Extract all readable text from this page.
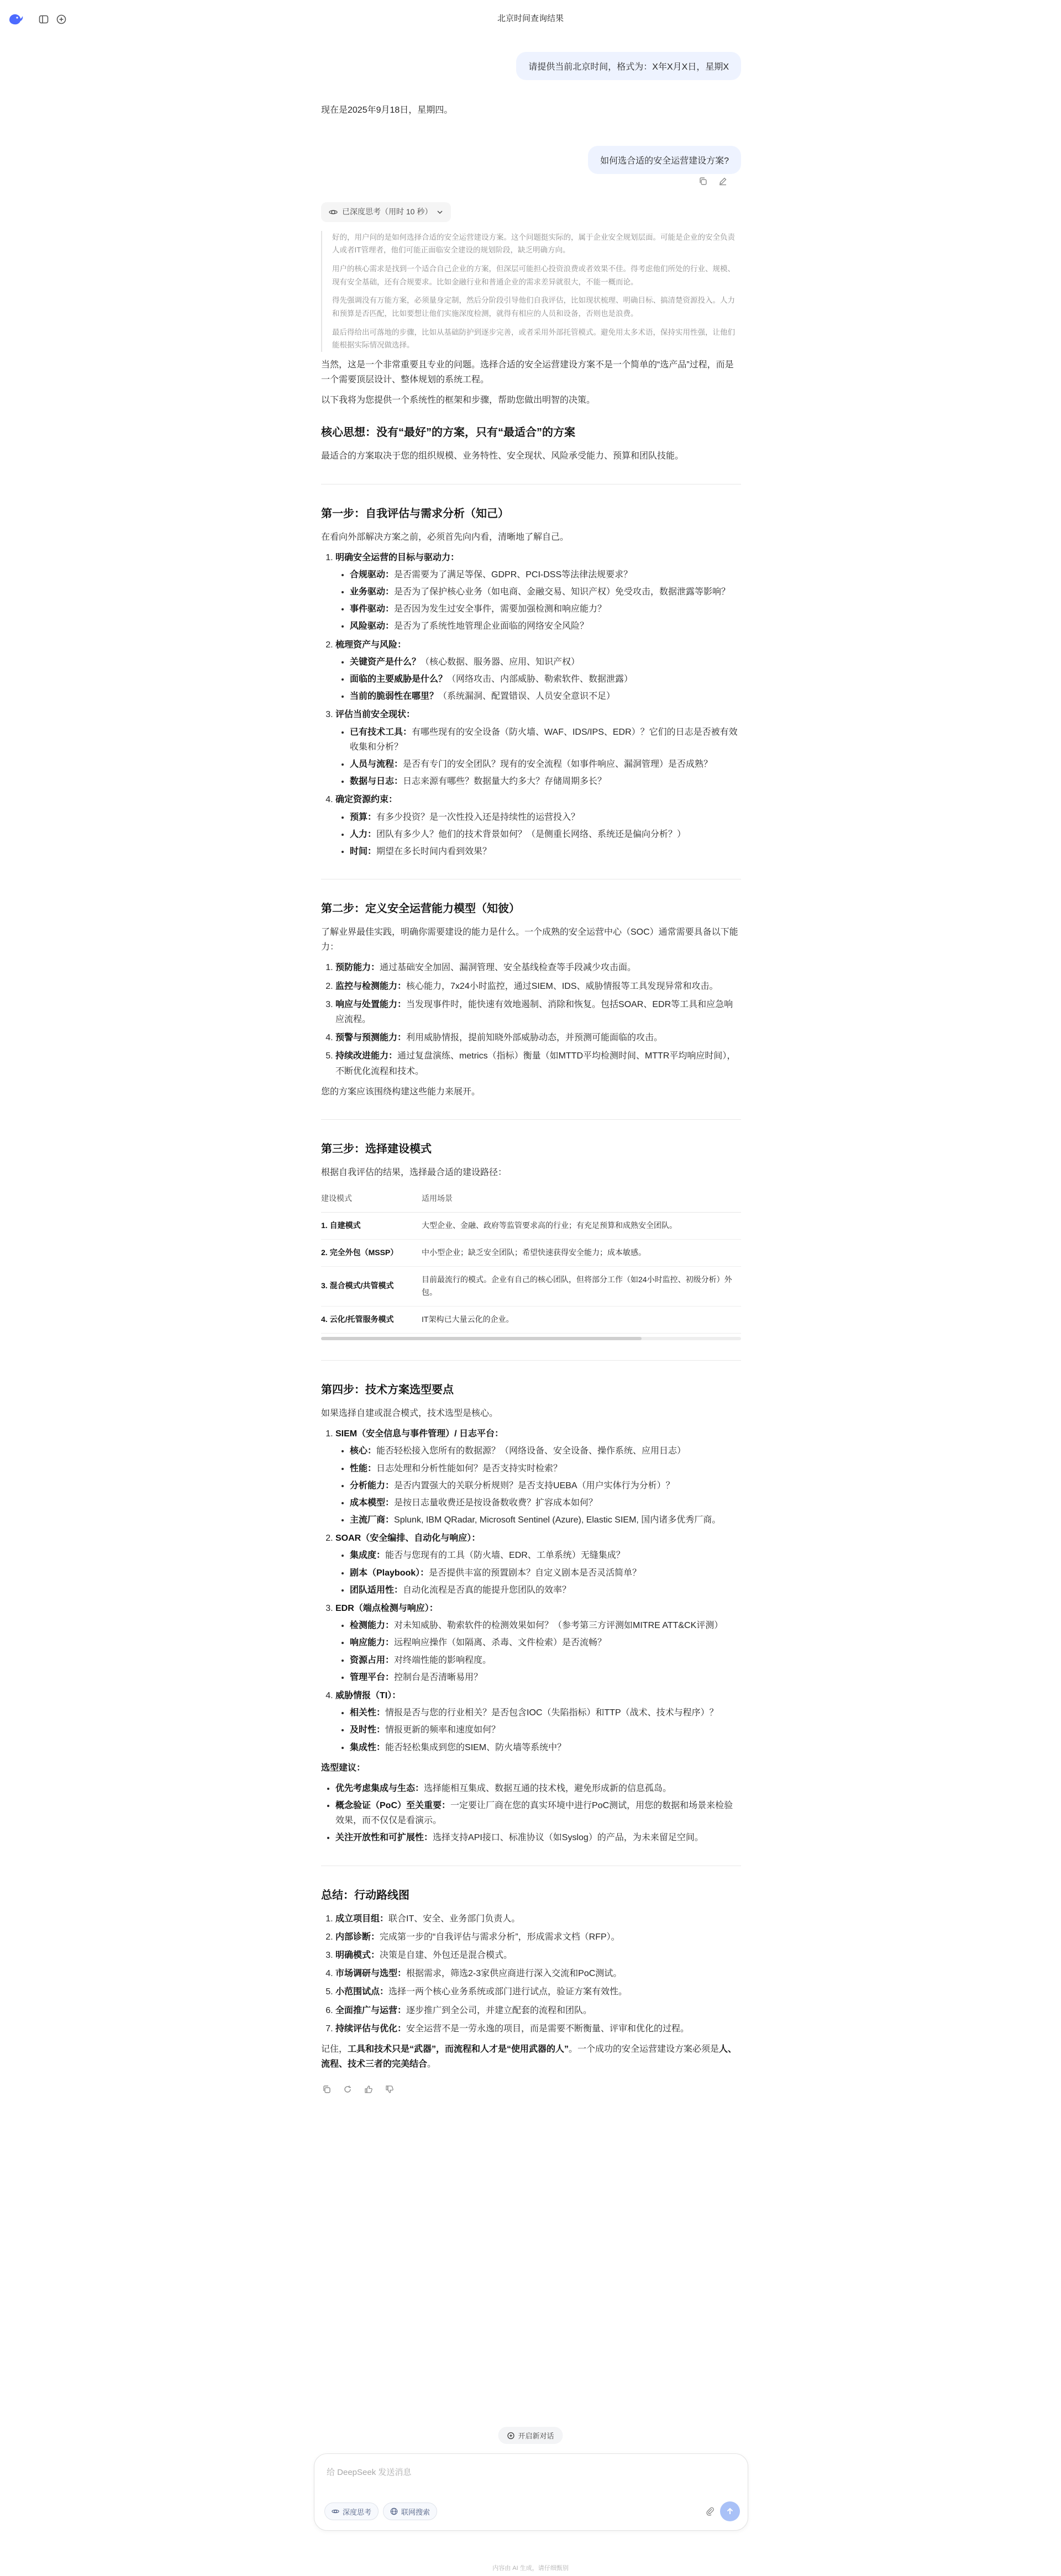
北京时间查询结果
请提供当前北京时间，格式为：X年X月X日，星期X

现在是2025年9月18日，星期四。

如何选合适的安全运营建设方案?
已深度思考（用时 10 秒）

好的，用户问的是如何选择合适的安全运营建设方案。这个问题挺实际的，属于企业安全规划层面。可能是企业的安全负责人或者IT管理者，他们可能正面临安全建设的规划阶段，缺乏明确方向。

用户的核心需求是找到一个适合自己企业的方案，但深层可能担心投资浪费或者效果不佳。得考虑他们所处的行业、规模、现有安全基础，还有合规要求。比如金融行业和普通企业的需求差异就很大，不能一概而论。

得先强调没有万能方案，必须量身定制，然后分阶段引导他们自我评估，比如现状梳理、明确目标、搞清楚资源投入。人力和预算是否匹配，比如要想让他们实施深度检测，就得有相应的人员和设备，否则也是浪费。

最后得给出可落地的步骤，比如从基础防护到逐步完善，或者采用外部托管模式。避免用太多术语，保持实用性强，让他们能根据实际情况做选择。

当然，这是一个非常重要且专业的问题。选择合适的安全运营建设方案不是一个简单的“选产品”过程，而是一个需要顶层设计、整体规划的系统工程。

以下我将为您提供一个系统性的框架和步骤，帮助您做出明智的决策。

核心思想：没有“最好”的方案，只有“最适合”的方案

最适合的方案取决于您的组织规模、业务特性、安全现状、风险承受能力、预算和团队技能。

第一步：自我评估与需求分析（知己）

在看向外部解决方案之前，必须首先向内看，清晰地了解自己。

1. 明确安全运营的目标与驱动力：
• 合规驱动：是否需要为了满足等保、GDPR、PCI-DSS等法律法规要求？
• 业务驱动：是否为了保护核心业务（如电商、金融交易、知识产权）免受攻击，数据泄露等影响？
• 事件驱动：是否因为发生过安全事件，需要加强检测和响应能力？
• 风险驱动：是否为了系统性地管理企业面临的网络安全风险？
2. 梳理资产与风险：
• 关键资产是什么？（核心数据、服务器、应用、知识产权）
• 面临的主要威胁是什么？（网络攻击、内部威胁、勒索软件、数据泄露）
• 当前的脆弱性在哪里？（系统漏洞、配置错误、人员安全意识不足）
3. 评估当前安全现状：
• 已有技术工具：有哪些现有的安全设备（防火墙、WAF、IDS/IPS、EDR）？它们的日志是否被有效收集和分析？
• 人员与流程：是否有专门的安全团队？现有的安全流程（如事件响应、漏洞管理）是否成熟？
• 数据与日志：日志来源有哪些？数据量大约多大？存储周期多长？
4. 确定资源约束：
• 预算：有多少投资？是一次性投入还是持续性的运营投入？
• 人力：团队有多少人？他们的技术背景如何？（是侧重长网络、系统还是偏向分析？）
• 时间：期望在多长时间内看到效果？
第二步：定义安全运营能力模型（知彼）

了解业界最佳实践，明确你需要建设的能力是什么。一个成熟的安全运营中心（SOC）通常需要具备以下能力：

1. 预防能力：通过基础安全加固、漏洞管理、安全基线检查等手段减少攻击面。
2. 监控与检测能力：核心能力，7x24小时监控，通过SIEM、IDS、威胁情报等工具发现异常和攻击。
3. 响应与处置能力：当发现事件时，能快速有效地遏制、消除和恢复。包括SOAR、EDR等工具和应急响应流程。
4. 预警与预测能力：利用威胁情报，提前知晓外部威胁动态，并预测可能面临的攻击。
5. 持续改进能力：通过复盘演练、metrics（指标）衡量（如MTTD平均检测时间、MTTR平均响应时间），不断优化流程和技术。

您的方案应该围绕构建这些能力来展开。

第三步：选择建设模式

根据自我评估的结果，选择最合适的建设路径：

建设模式	适用场景
1. 自建模式	大型企业、金融、政府等监管要求高的行业；有充足预算和成熟安全团队。
2. 完全外包（MSSP）	中小型企业；缺乏安全团队；希望快速获得安全能力；成本敏感。
3. 混合模式/共管模式	目前最流行的模式。企业有自己的核心团队，但将部分工作（如24小时监控、初级分析）外包。
4. 云化/托管服务模式	IT架构已大量云化的企业。
第四步：技术方案选型要点

如果选择自建或混合模式，技术选型是核心。

1. SIEM（安全信息与事件管理）/ 日志平台：
• 核心：能否轻松接入您所有的数据源？（网络设备、安全设备、操作系统、应用日志）
• 性能：日志处理和分析性能如何？是否支持实时检索？
• 分析能力：是否内置强大的关联分析规则？是否支持UEBA（用户实体行为分析）？
• 成本模型：是按日志量收费还是按设备数收费？扩容成本如何？
• 主流厂商：Splunk, IBM QRadar, Microsoft Sentinel (Azure), Elastic SIEM, 国内诸多优秀厂商。
2. SOAR（安全编排、自动化与响应）：
• 集成度：能否与您现有的工具（防火墙、EDR、工单系统）无缝集成？
• 剧本（Playbook）：是否提供丰富的预置剧本？自定义剧本是否灵活简单？
• 团队适用性：自动化流程是否真的能提升您团队的效率？
3. EDR（端点检测与响应）：
• 检测能力：对未知威胁、勒索软件的检测效果如何？（参考第三方评测如MITRE ATT&CK评测）
• 响应能力：远程响应操作（如隔离、杀毒、文件检索）是否流畅？
• 资源占用：对终端性能的影响程度。
• 管理平台：控制台是否清晰易用？
4. 威胁情报（TI）：
• 相关性：情报是否与您的行业相关？是否包含IOC（失陷指标）和TTP（战术、技术与程序）？
• 及时性：情报更新的频率和速度如何？
• 集成性：能否轻松集成到您的SIEM、防火墙等系统中？

选型建议：

• 优先考虑集成与生态：选择能相互集成、数据互通的技术栈，避免形成新的信息孤岛。
• 概念验证（PoC）至关重要：一定要让厂商在您的真实环境中进行PoC测试，用您的数据和场景来检验效果，而不仅仅是看演示。
• 关注开放性和可扩展性：选择支持API接口、标准协议（如Syslog）的产品，为未来留足空间。
总结：行动路线图
1. 成立项目组：联合IT、安全、业务部门负责人。
2. 内部诊断：完成第一步的“自我评估与需求分析”，形成需求文档（RFP）。
3. 明确模式：决策是自建、外包还是混合模式。
4. 市场调研与选型：根据需求，筛选2-3家供应商进行深入交流和PoC测试。
5. 小范围试点：选择一两个核心业务系统或部门进行试点，验证方案有效性。
6. 全面推广与运营：逐步推广到全公司，并建立配套的流程和团队。
7. 持续评估与优化：安全运营不是一劳永逸的项目，而是需要不断衡量、评审和优化的过程。

记住，工具和技术只是“武器”，而流程和人才是“使用武器的人”。一个成功的安全运营建设方案必须是人、流程、技术三者的完美结合。

开启新对话
给 DeepSeek 发送消息
深度思考	联网搜索
内容由 AI 生成，请仔细甄别
